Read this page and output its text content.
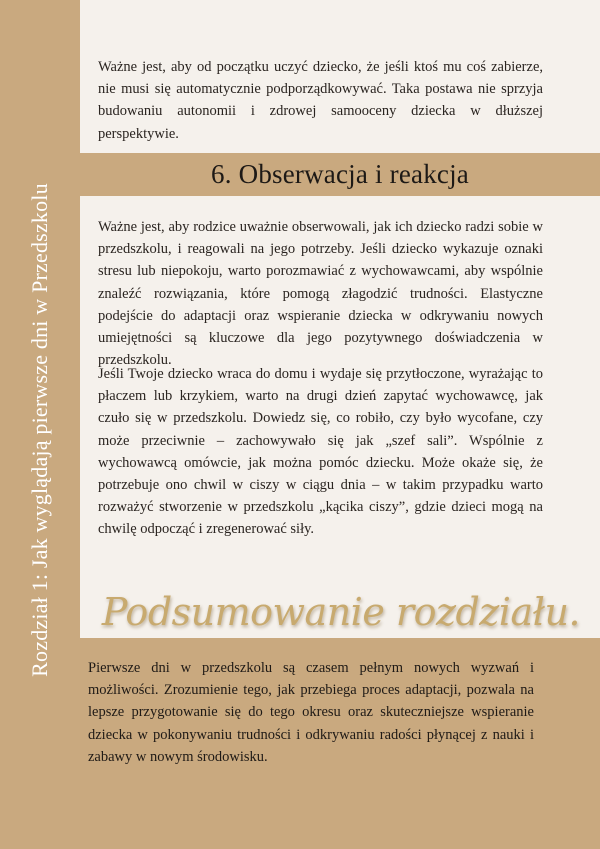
Rozdział 1: Jak wyglądają pierwsze dni w Przedszkolu

Ważne jest, aby od początku uczyć dziecko, że jeśli ktoś mu coś zabierze, nie musi się automatycznie podporządkowywać. Taka postawa nie sprzyja budowaniu autonomii i zdrowej samooceny dziecka w dłuższej perspektywie.

6. Obserwacja i reakcja

Ważne jest, aby rodzice uważnie obserwowali, jak ich dziecko radzi sobie w przedszkolu, i reagowali na jego potrzeby. Jeśli dziecko wykazuje oznaki stresu lub niepokoju, warto porozmawiać z wychowawcami, aby wspólnie znaleźć rozwiązania, które pomogą złagodzić trudności. Elastyczne podejście do adaptacji oraz wspieranie dziecka w odkrywaniu nowych umiejętności są kluczowe dla jego pozytywnego doświadczenia w przedszkolu.

Jeśli Twoje dziecko wraca do domu i wydaje się przytłoczone, wyrażając to płaczem lub krzykiem, warto na drugi dzień zapytać wychowawcę, jak czuło się w przedszkolu. Dowiedz się, co robiło, czy było wycofane, czy może przeciwnie – zachowywało się jak „szef sali”. Wspólnie z wychowawcą omówcie, jak można pomóc dziecku. Może okaże się, że potrzebuje ono chwil w ciszy w ciągu dnia – w takim przypadku warto rozważyć stworzenie w przedszkolu „kącika ciszy”, gdzie dzieci mogą na chwilę odpocząć i zregenerować siły.

Podsumowanie rozdziału.

Pierwsze dni w przedszkolu są czasem pełnym nowych wyzwań i możliwości. Zrozumienie tego, jak przebiega proces adaptacji, pozwala na lepsze przygotowanie się do tego okresu oraz skuteczniejsze wspieranie dziecka w pokonywaniu trudności i odkrywaniu radości płynącej z nauki i zabawy w nowym środowisku.
